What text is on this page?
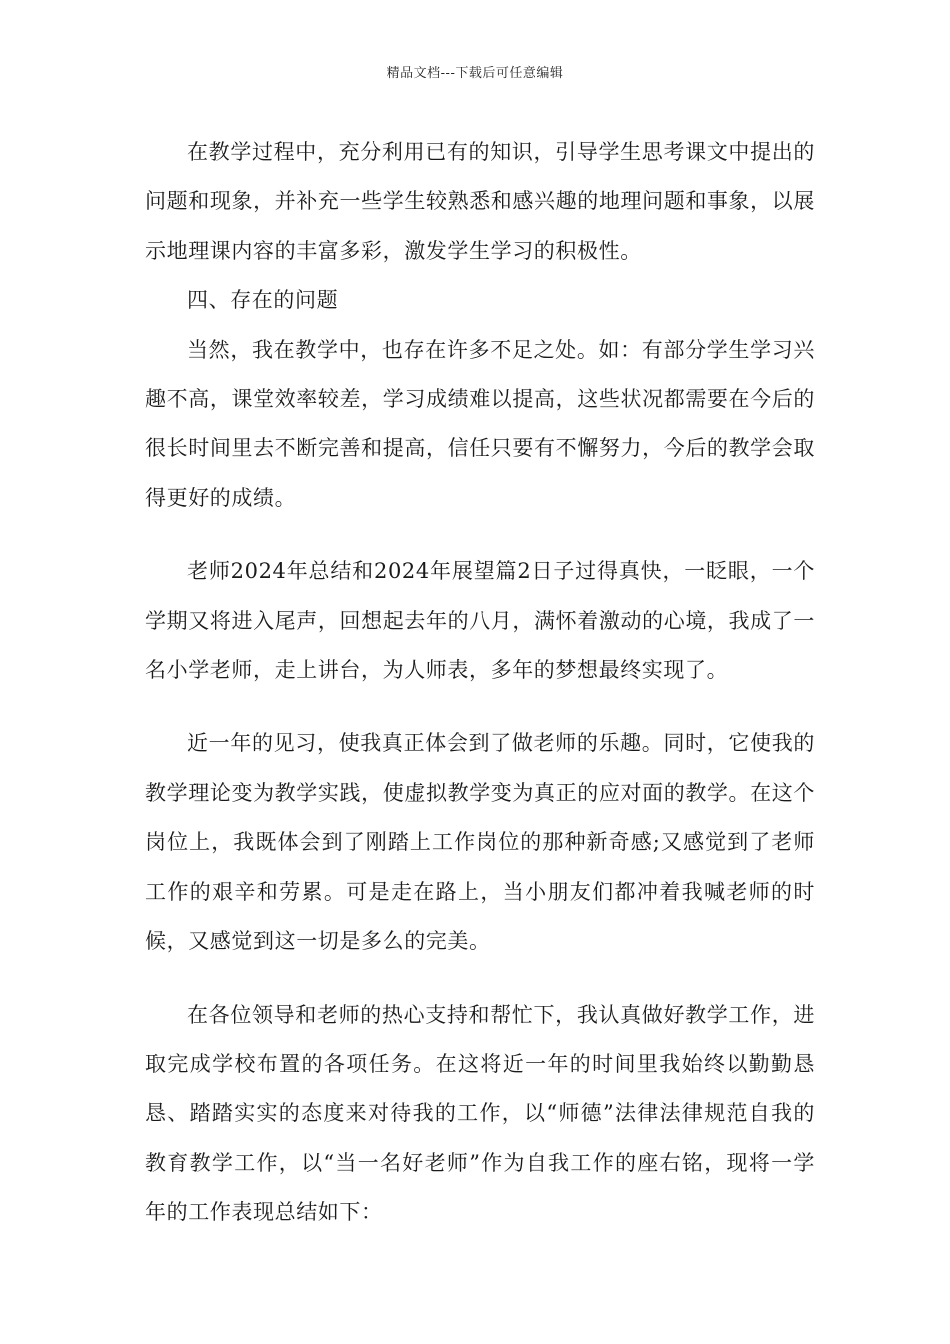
精品文档---下载后可任意编辑

在教学过程中，充分利用已有的知识，引导学生思考课文中提出的问题和现象，并补充一些学生较熟悉和感兴趣的地理问题和事象，以展示地理课内容的丰富多彩，激发学生学习的积极性。

四、存在的问题

当然，我在教学中，也存在许多不足之处。如：有部分学生学习兴趣不高，课堂效率较差，学习成绩难以提高，这些状况都需要在今后的很长时间里去不断完善和提高，信任只要有不懈努力，今后的教学会取得更好的成绩。

老师2024年总结和2024年展望篇2日子过得真快，一眨眼，一个学期又将进入尾声，回想起去年的八月，满怀着激动的心境，我成了一名小学老师，走上讲台，为人师表，多年的梦想最终实现了。

近一年的见习，使我真正体会到了做老师的乐趣。同时，它使我的教学理论变为教学实践，使虚拟教学变为真正的应对面的教学。在这个岗位上，我既体会到了刚踏上工作岗位的那种新奇感;又感觉到了老师工作的艰辛和劳累。可是走在路上，当小朋友们都冲着我喊老师的时候，又感觉到这一切是多么的完美。

在各位领导和老师的热心支持和帮忙下，我认真做好教学工作，进取完成学校布置的各项任务。在这将近一年的时间里我始终以勤勤恳恳、踏踏实实的态度来对待我的工作，以“师德”法律法律规范自我的教育教学工作，以“当一名好老师”作为自我工作的座右铭，现将一学年的工作表现总结如下：
